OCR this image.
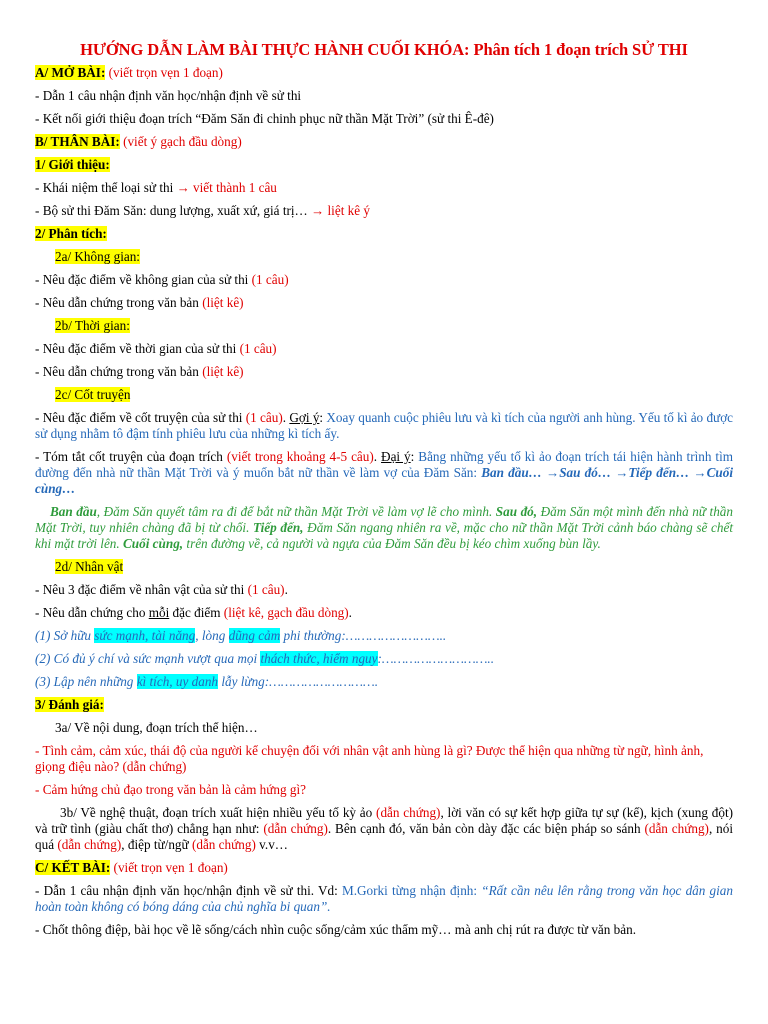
HƯỚNG DẪN LÀM BÀI THỰC HÀNH CUỐI KHÓA: Phân tích 1 đoạn trích SỬ THI

A/ MỞ BÀI: (viết trọn vẹn 1 đoạn)

- Dẫn 1 câu nhận định văn học/nhận định về sử thi

- Kết nối giới thiệu đoạn trích “Đăm Săn đi chinh phục nữ thần Mặt Trời” (sử thi Ê-đê)

B/ THÂN BÀI: (viết ý gạch đầu dòng)

1/ Giới thiệu:

- Khái niệm thể loại sử thi → viết thành 1 câu

- Bộ sử thi Đăm Săn: dung lượng, xuất xứ, giá trị… → liệt kê ý

2/ Phân tích:

2a/ Không gian:

- Nêu đặc điểm về không gian của sử thi (1 câu)

- Nêu dẫn chứng trong văn bản (liệt kê)

2b/ Thời gian:

- Nêu đặc điểm về thời gian của sử thi (1 câu)

- Nêu dẫn chứng trong văn bản (liệt kê)

2c/ Cốt truyện

- Nêu đặc điểm về cốt truyện của sử thi (1 câu). Gợi ý: Xoay quanh cuộc phiêu lưu và kì tích của người anh hùng. Yếu tố kì ảo được sử dụng nhằm tô đậm tính phiêu lưu của những kì tích ấy.

- Tóm tắt cốt truyện của đoạn trích (viết trong khoảng 4-5 câu). Đại ý: Bằng những yếu tố kì ảo đoạn trích tái hiện hành trình tìm đường đến nhà nữ thần Mặt Trời và ý muốn bắt nữ thần về làm vợ của Đăm Săn: Ban đầu… →Sau đó… →Tiếp đến… →Cuối cùng…

Ban đầu, Đăm Săn quyết tâm ra đi để bắt nữ thần Mặt Trời về làm vợ lẽ cho mình. Sau đó, Đăm Săn một mình đến nhà nữ thần Mặt Trời, tuy nhiên chàng đã bị từ chối. Tiếp đến, Đăm Săn ngang nhiên ra về, mặc cho nữ thần Mặt Trời cảnh báo chàng sẽ chết khi mặt trời lên. Cuối cùng, trên đường về, cả người và ngựa của Đăm Săn đều bị kéo chìm xuống bùn lầy.

2d/ Nhân vật

- Nêu 3 đặc điểm về nhân vật của sử thi (1 câu).

- Nêu dẫn chứng cho mỗi đặc điểm (liệt kê, gạch đầu dòng).

(1) Sở hữu sức mạnh, tài năng, lòng dũng cảm phi thường:……………………..

(2) Có đủ ý chí và sức mạnh vượt qua mọi thách thức, hiểm nguy:………………………..

(3) Lập nên những kì tích, uy danh lẫy lừng:……………………….

3/ Đánh giá:

3a/ Về nội dung, đoạn trích thể hiện…

- Tình cảm, cảm xúc, thái độ của người kể chuyện đối với nhân vật anh hùng là gì? Được thể hiện qua những từ ngữ, hình ảnh, giọng điệu nào? (dẫn chứng)

- Cảm hứng chủ đạo trong văn bản là cảm hứng gì?

3b/ Về nghệ thuật, đoạn trích xuất hiện nhiều yếu tố kỳ ảo (dẫn chứng), lời văn có sự kết hợp giữa tự sự (kể), kịch (xung đột) và trữ tình (giàu chất thơ) chẳng hạn như: (dẫn chứng). Bên cạnh đó, văn bản còn dày đặc các biện pháp so sánh (dẫn chứng), nói quá (dẫn chứng), điệp từ/ngữ (dẫn chứng) v.v…

C/ KẾT BÀI: (viết trọn vẹn 1 đoạn)

- Dẫn 1 câu nhận định văn học/nhận định về sử thi. Vd: M.Gorki từng nhận định: “Rất cần nêu lên rằng trong văn học dân gian hoàn toàn không có bóng dáng của chủ nghĩa bi quan”.

- Chốt thông điệp, bài học về lẽ sống/cách nhìn cuộc sống/cảm xúc thẩm mỹ… mà anh chị rút ra được từ văn bản.
